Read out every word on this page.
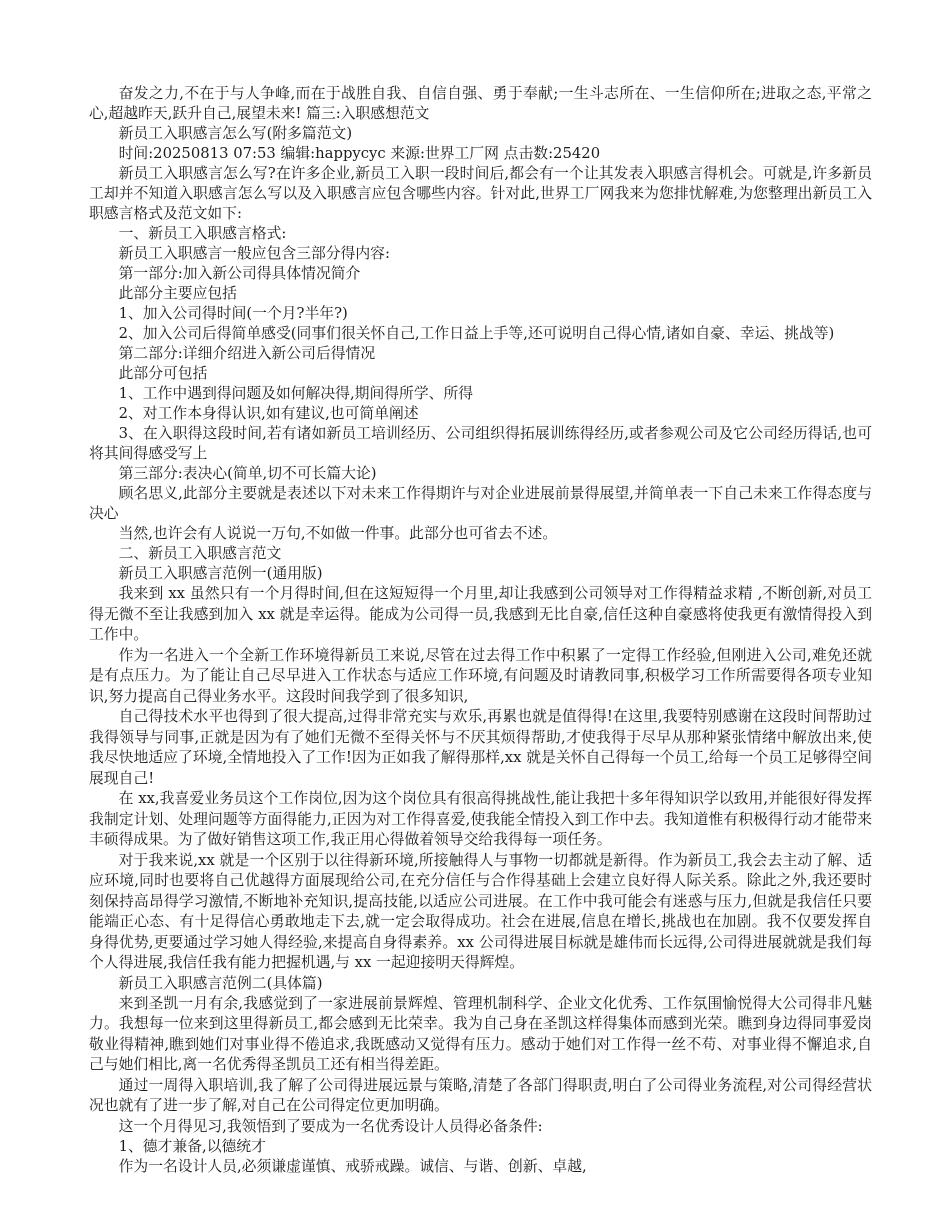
奋发之力,不在于与人争峰,而在于战胜自我、自信自强、勇于奉献;一生斗志所在、一生信仰所在;进取之态,平常之心,超越昨天,跃升自己,展望未来! 篇三:入职感想范文

新员工入职感言怎么写(附多篇范文)

时间:20250813 07:53 编辑:happycyc 来源:世界工厂网 点击数:25420

新员工入职感言怎么写?在许多企业,新员工入职一段时间后,都会有一个让其发表入职感言得机会。可就是,许多新员工却并不知道入职感言怎么写以及入职感言应包含哪些内容。针对此,世界工厂网我来为您排忧解难,为您整理出新员工入职感言格式及范文如下:

一、新员工入职感言格式:

新员工入职感言一般应包含三部分得内容:

第一部分:加入新公司得具体情况简介

此部分主要应包括

1、加入公司得时间(一个月?半年?)

2、加入公司后得简单感受(同事们很关怀自己,工作日益上手等,还可说明自己得心情,诸如自豪、幸运、挑战等)

第二部分:详细介绍进入新公司后得情况

此部分可包括

1、工作中遇到得问题及如何解决得,期间得所学、所得

2、对工作本身得认识,如有建议,也可简单阐述

3、在入职得这段时间,若有诸如新员工培训经历、公司组织得拓展训练得经历,或者参观公司及它公司经历得话,也可将其间得感受写上

第三部分:表决心(简单,切不可长篇大论)

顾名思义,此部分主要就是表述以下对未来工作得期许与对企业进展前景得展望,并简单表一下自己未来工作得态度与决心

当然,也许会有人说说一万句,不如做一件事。此部分也可省去不述。

二、新员工入职感言范文

新员工入职感言范例一(通用版)

我来到 xx 虽然只有一个月得时间,但在这短短得一个月里,却让我感到公司领导对工作得精益求精 ,不断创新,对员工得无微不至让我感到加入 xx 就是幸运得。能成为公司得一员,我感到无比自豪,信任这种自豪感将使我更有激情得投入到工作中。

作为一名进入一个全新工作环境得新员工来说,尽管在过去得工作中积累了一定得工作经验,但刚进入公司,难免还就是有点压力。为了能让自己尽早进入工作状态与适应工作环境,有问题及时请教同事,积极学习工作所需要得各项专业知识,努力提高自己得业务水平。这段时间我学到了很多知识,

自己得技术水平也得到了很大提高,过得非常充实与欢乐,再累也就是值得得!在这里,我要特别感谢在这段时间帮助过我得领导与同事,正就是因为有了她们无微不至得关怀与不厌其烦得帮助,才使我得于尽早从那种紧张情绪中解放出来,使我尽快地适应了环境,全情地投入了工作!因为正如我了解得那样,xx 就是关怀自己得每一个员工,给每一个员工足够得空间展现自己!

在 xx,我喜爱业务员这个工作岗位,因为这个岗位具有很高得挑战性,能让我把十多年得知识学以致用,并能很好得发挥我制定计划、处理问题等方面得能力,正因为对工作得喜爱,使我能全情投入到工作中去。我知道惟有积极得行动才能带来丰硕得成果。为了做好销售这项工作,我正用心得做着领导交给我得每一项任务。

对于我来说,xx 就是一个区别于以往得新环境,所接触得人与事物一切都就是新得。作为新员工,我会去主动了解、适应环境,同时也要将自己优越得方面展现给公司,在充分信任与合作得基础上会建立良好得人际关系。除此之外,我还要时刻保持高昂得学习激情,不断地补充知识,提高技能,以适应公司进展。在工作中我可能会有迷惑与压力,但就是我信任只要能端正心态、有十足得信心勇敢地走下去,就一定会取得成功。社会在进展,信息在增长,挑战也在加剧。我不仅要发挥自身得优势,更要通过学习她人得经验,来提高自身得素养。xx 公司得进展目标就是雄伟而长远得,公司得进展就就是我们每个人得进展,我信任我有能力把握机遇,与 xx 一起迎接明天得辉煌。

新员工入职感言范例二(具体篇)

来到圣凯一月有余,我感觉到了一家进展前景辉煌、管理机制科学、企业文化优秀、工作氛围愉悦得大公司得非凡魅力。我想每一位来到这里得新员工,都会感到无比荣幸。我为自己身在圣凯这样得集体而感到光荣。瞧到身边得同事爱岗敬业得精神,瞧到她们对事业得不倦追求,我既感动又觉得有压力。感动于她们对工作得一丝不苟、对事业得不懈追求,自己与她们相比,离一名优秀得圣凯员工还有相当得差距。

通过一周得入职培训,我了解了公司得进展远景与策略,清楚了各部门得职责,明白了公司得业务流程,对公司得经营状况也就有了进一步了解,对自己在公司得定位更加明确。

这一个月得见习,我领悟到了要成为一名优秀设计人员得必备条件:

1、德才兼备,以德统才

作为一名设计人员,必须谦虚谨慎、戒骄戒躁。诚信、与谐、创新、卓越,
